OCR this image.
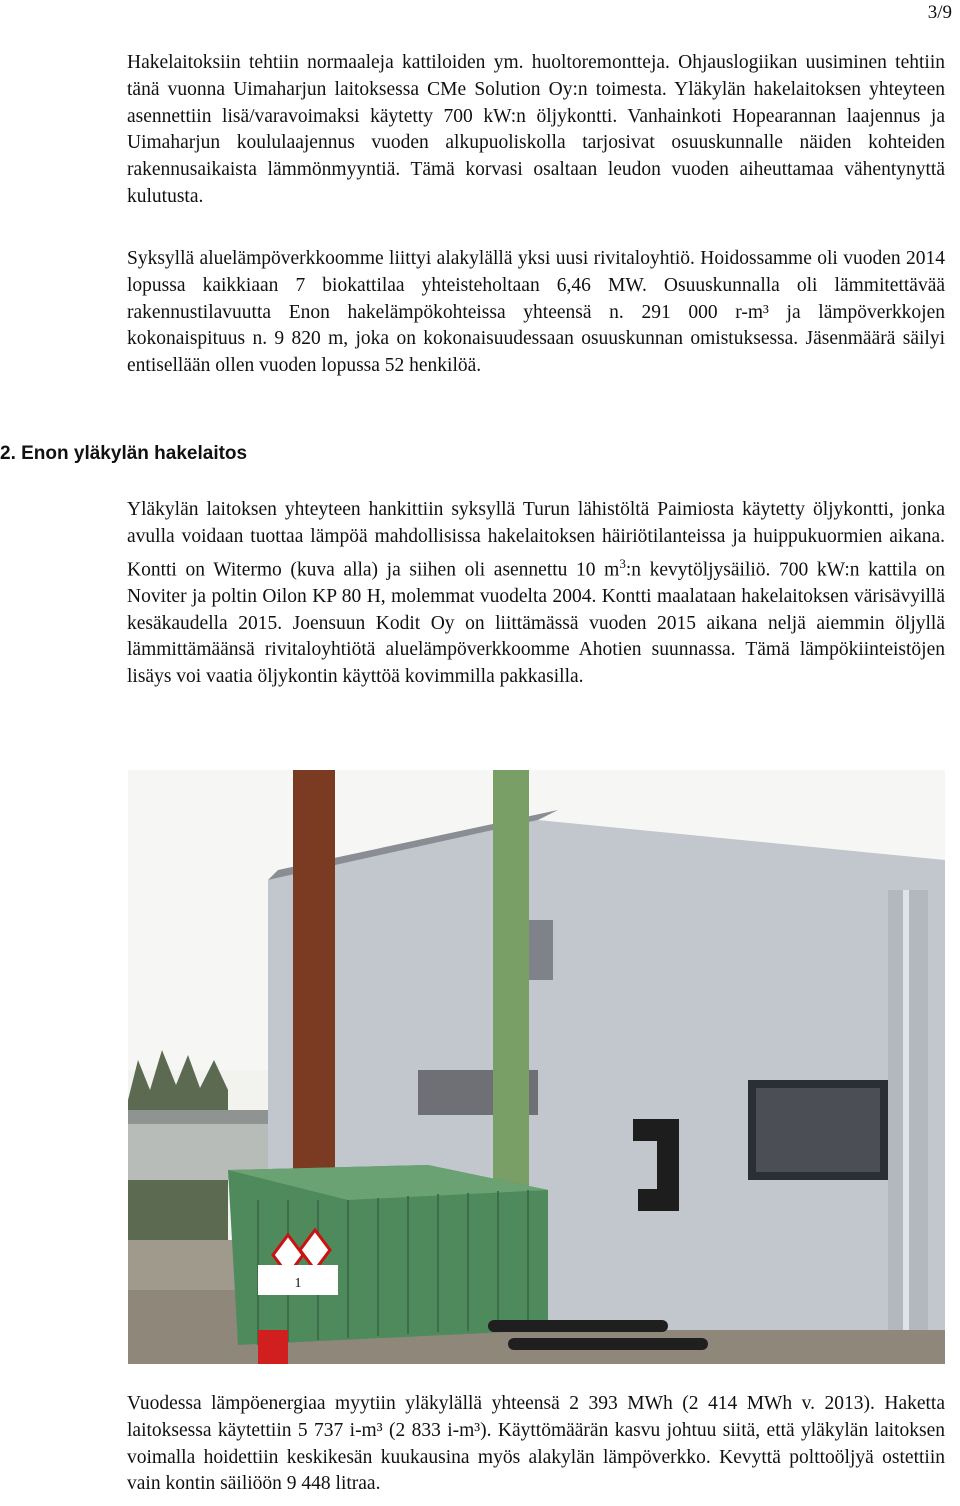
3/9

Hakelaitoksiin tehtiin normaaleja kattiloiden ym. huoltoremontteja. Ohjauslogiikan uusiminen tehtiin tänä vuonna Uimaharjun laitoksessa CMe Solution Oy:n toimesta. Yläkylän hakelaitoksen yhteyteen asennettiin lisä/varavoimaksi käytetty 700 kW:n öljykontti. Vanhainkoti Hopearannan laajennus ja Uimaharjun koululaajennus vuoden alkupuoliskolla tarjosivat osuuskunnalle näiden kohteiden rakennusaikaista lämmönmyyntiä. Tämä korvasi osaltaan leudon vuoden aiheuttamaa vähentynyttä kulutusta.

Syksyllä aluelämpöverkkoomme liittyi alakylällä yksi uusi rivitaloyhtiö. Hoidossamme oli vuoden 2014 lopussa kaikkiaan 7 biokattilaa yhteisteholtaan 6,46 MW. Osuuskunnalla oli lämmitettävää rakennustilavuutta Enon hakelämpökohteissa yhteensä n. 291 000 r-m³ ja lämpöverkkojen kokonaispituus n. 9 820 m, joka on kokonaisuudessaan osuuskunnan omistuksessa. Jäsenmäärä säilyi entisellään ollen vuoden lopussa 52 henkilöä.

2. Enon yläkylän hakelaitos

Yläkylän laitoksen yhteyteen hankittiin syksyllä Turun lähistöltä Paimiosta käytetty öljykontti, jonka avulla voidaan tuottaa lämpöä mahdollisissa hakelaitoksen häiriötilanteissa ja huippukuormien aikana. Kontti on Witermo (kuva alla) ja siihen oli asennettu 10 $m^3:n$ kevytöljysäiliö. 700 kW:n kattila on Noviter ja poltin Oilon KP 80 H, molemmat vuodelta 2004. Kontti maalataan hakelaitoksen värisävyillä kesäkaudella 2015. Joensuun Kodit Oy on liittämässä vuoden 2015 aikana neljä aiemmin öljyllä lämmittämäänsä rivitaloyhtiötä aluelämpöverkkoomme Ahotien suunnassa. Tämä lämpökiinteistöjen lisäys voi vaatia öljykontin käyttöä kovimmilla pakkasilla.

1

Vuodessa lämpöenergiaa myytiin yläkylällä yhteensä 2 393 MWh (2 414 MWh v. 2013). Haketta laitoksessa käytettiin 5 737 i-m³ (2 833 i-m³). Käyttömäärän kasvu johtuu siitä, että yläkylän laitoksen voimalla hoidettiin keskikesän kuukausina myös alakylän lämpöverkko. Kevyttä polttoöljyä ostettiin vain kontin säiliöön 9 448 litraa.
